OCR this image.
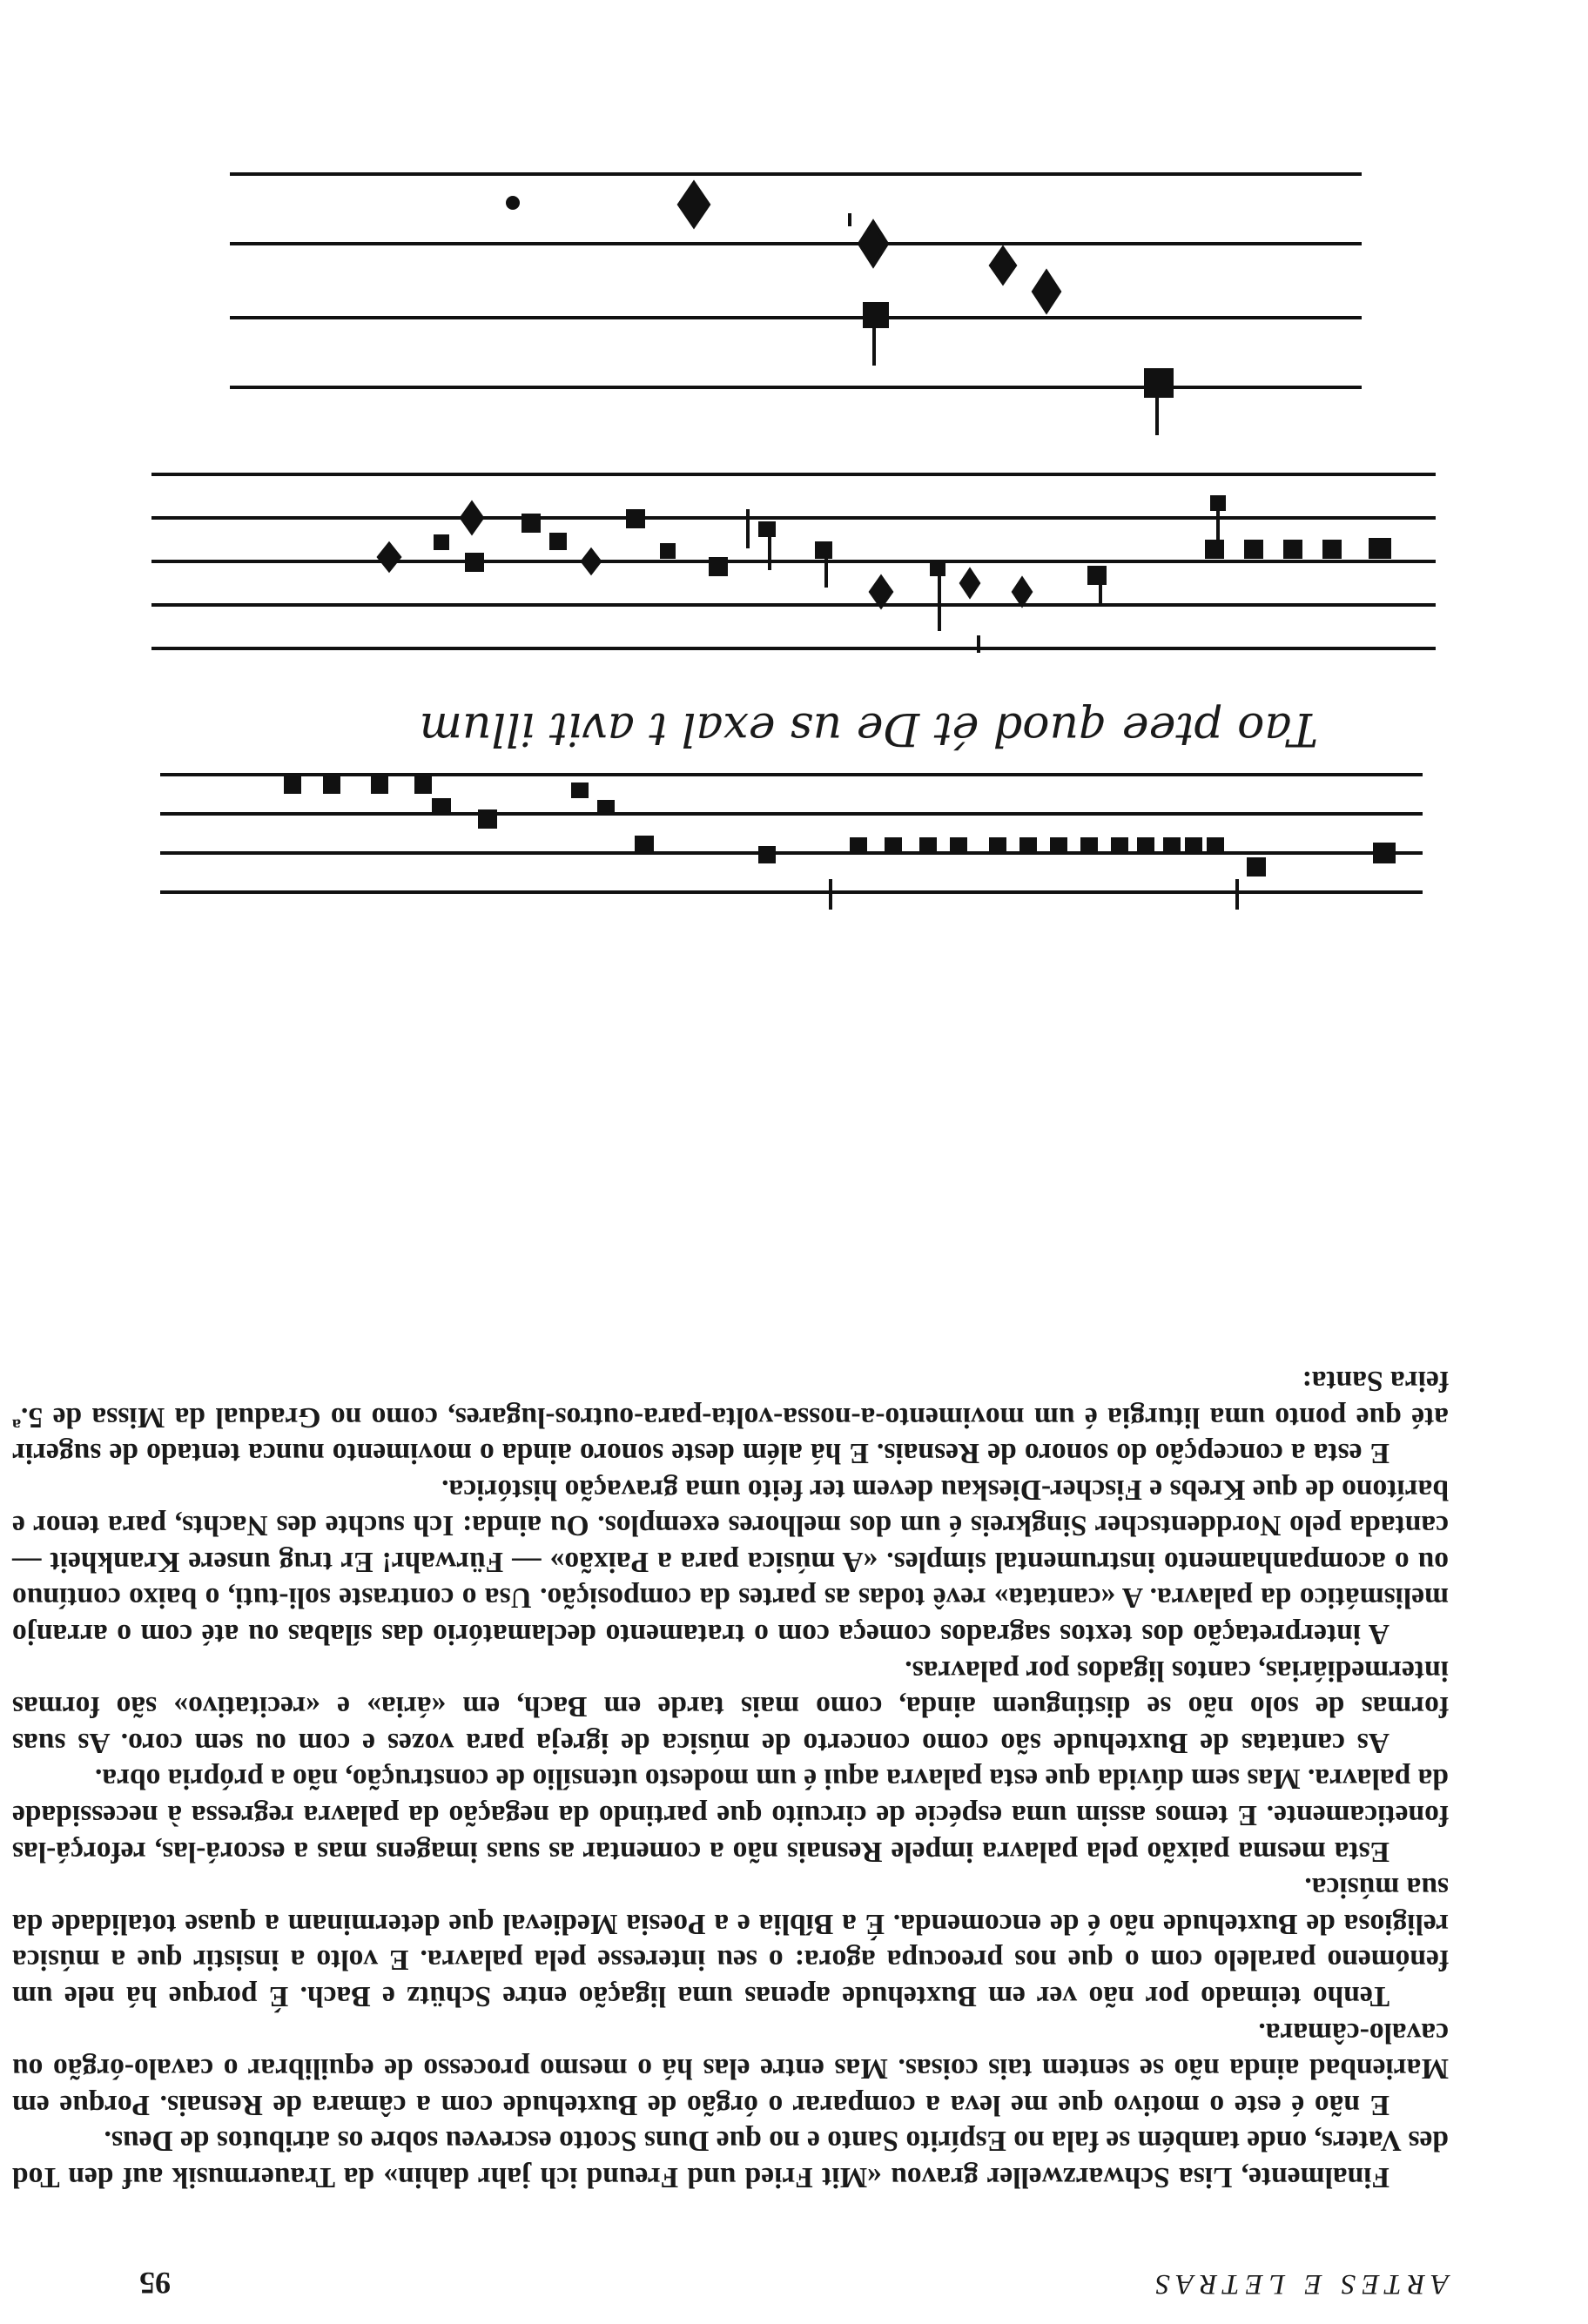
ARTES E LETRAS
95

Finalmente, Lisa Schwarzweller gravou «Mit Fried und Freund ich jahr dahin» da Trauermusik auf den Tod des Vaters, onde também se fala no Espírito Santo e no que Duns Scotto escreveu sobre os atributos de Deus.

E não é este o motivo que me leva a comparar o órgão de Buxtehude com a câmara de Resnais. Porque em Marienbad ainda não se sentem tais coisas. Mas entre elas há o mesmo processo de equilibrar o cavalo-órgão ou cavalo-câmara.

Tenho teimado por não ver em Buxtehude apenas uma ligação entre Schütz e Bach. É porque há nele um fenómeno paralelo com o que nos preocupa agora: o seu interesse pela palavra. E volto a insistir que a música religiosa de Buxtehude não é de encomenda. É a Bíblia e a Poesia Medieval que determinam a quase totalidade da sua música.

Esta mesma paixão pela palavra impele Resnais não a comentar as suas imagens mas a escorá-las, reforçá-las foneticamente. E temos assim uma espécie de circuito que partindo da negação da palavra regressa à necessidade da palavra. Mas sem dúvida que esta palavra aqui é um modesto utensílio de construção, não a própria obra.

As cantatas de Buxtehude são como concerto de música de igreja para vozes e com ou sem coro. As suas formas de solo não se distinguem ainda, como mais tarde em Bach, em «ária» e «recitativo» são formas intermediárias, cantos ligados por palavras.

A interpretação dos textos sagrados começa com o tratamento declamatório das sílabas ou até com o arranjo melismático da palavra. A «cantata» revê todas as partes da composição. Usa o contraste soli-tuti, o baixo contínuo ou o acompanhamento instrumental simples. «A música para a Paixão» — Fürwahr! Er trug unsere Krankheit — cantada pelo Norddentscher Singkreis é um dos melhores exemplos. Ou ainda: Ich suchte des Nachts, para tenor e barítono de que Krebs e Fischer-Dieskau devem ter feito uma gravação histórica.

E esta a concepção do sonoro de Resnais. E há além deste sonoro ainda o movimento nunca tentado de sugerir até que ponto uma liturgia é um movimento-a-nossa-volta-para-outros-lugares, como no Gradual da Missa de 5.ª feira Santa:

Tao ptee quod ét De us exal t avit illum
